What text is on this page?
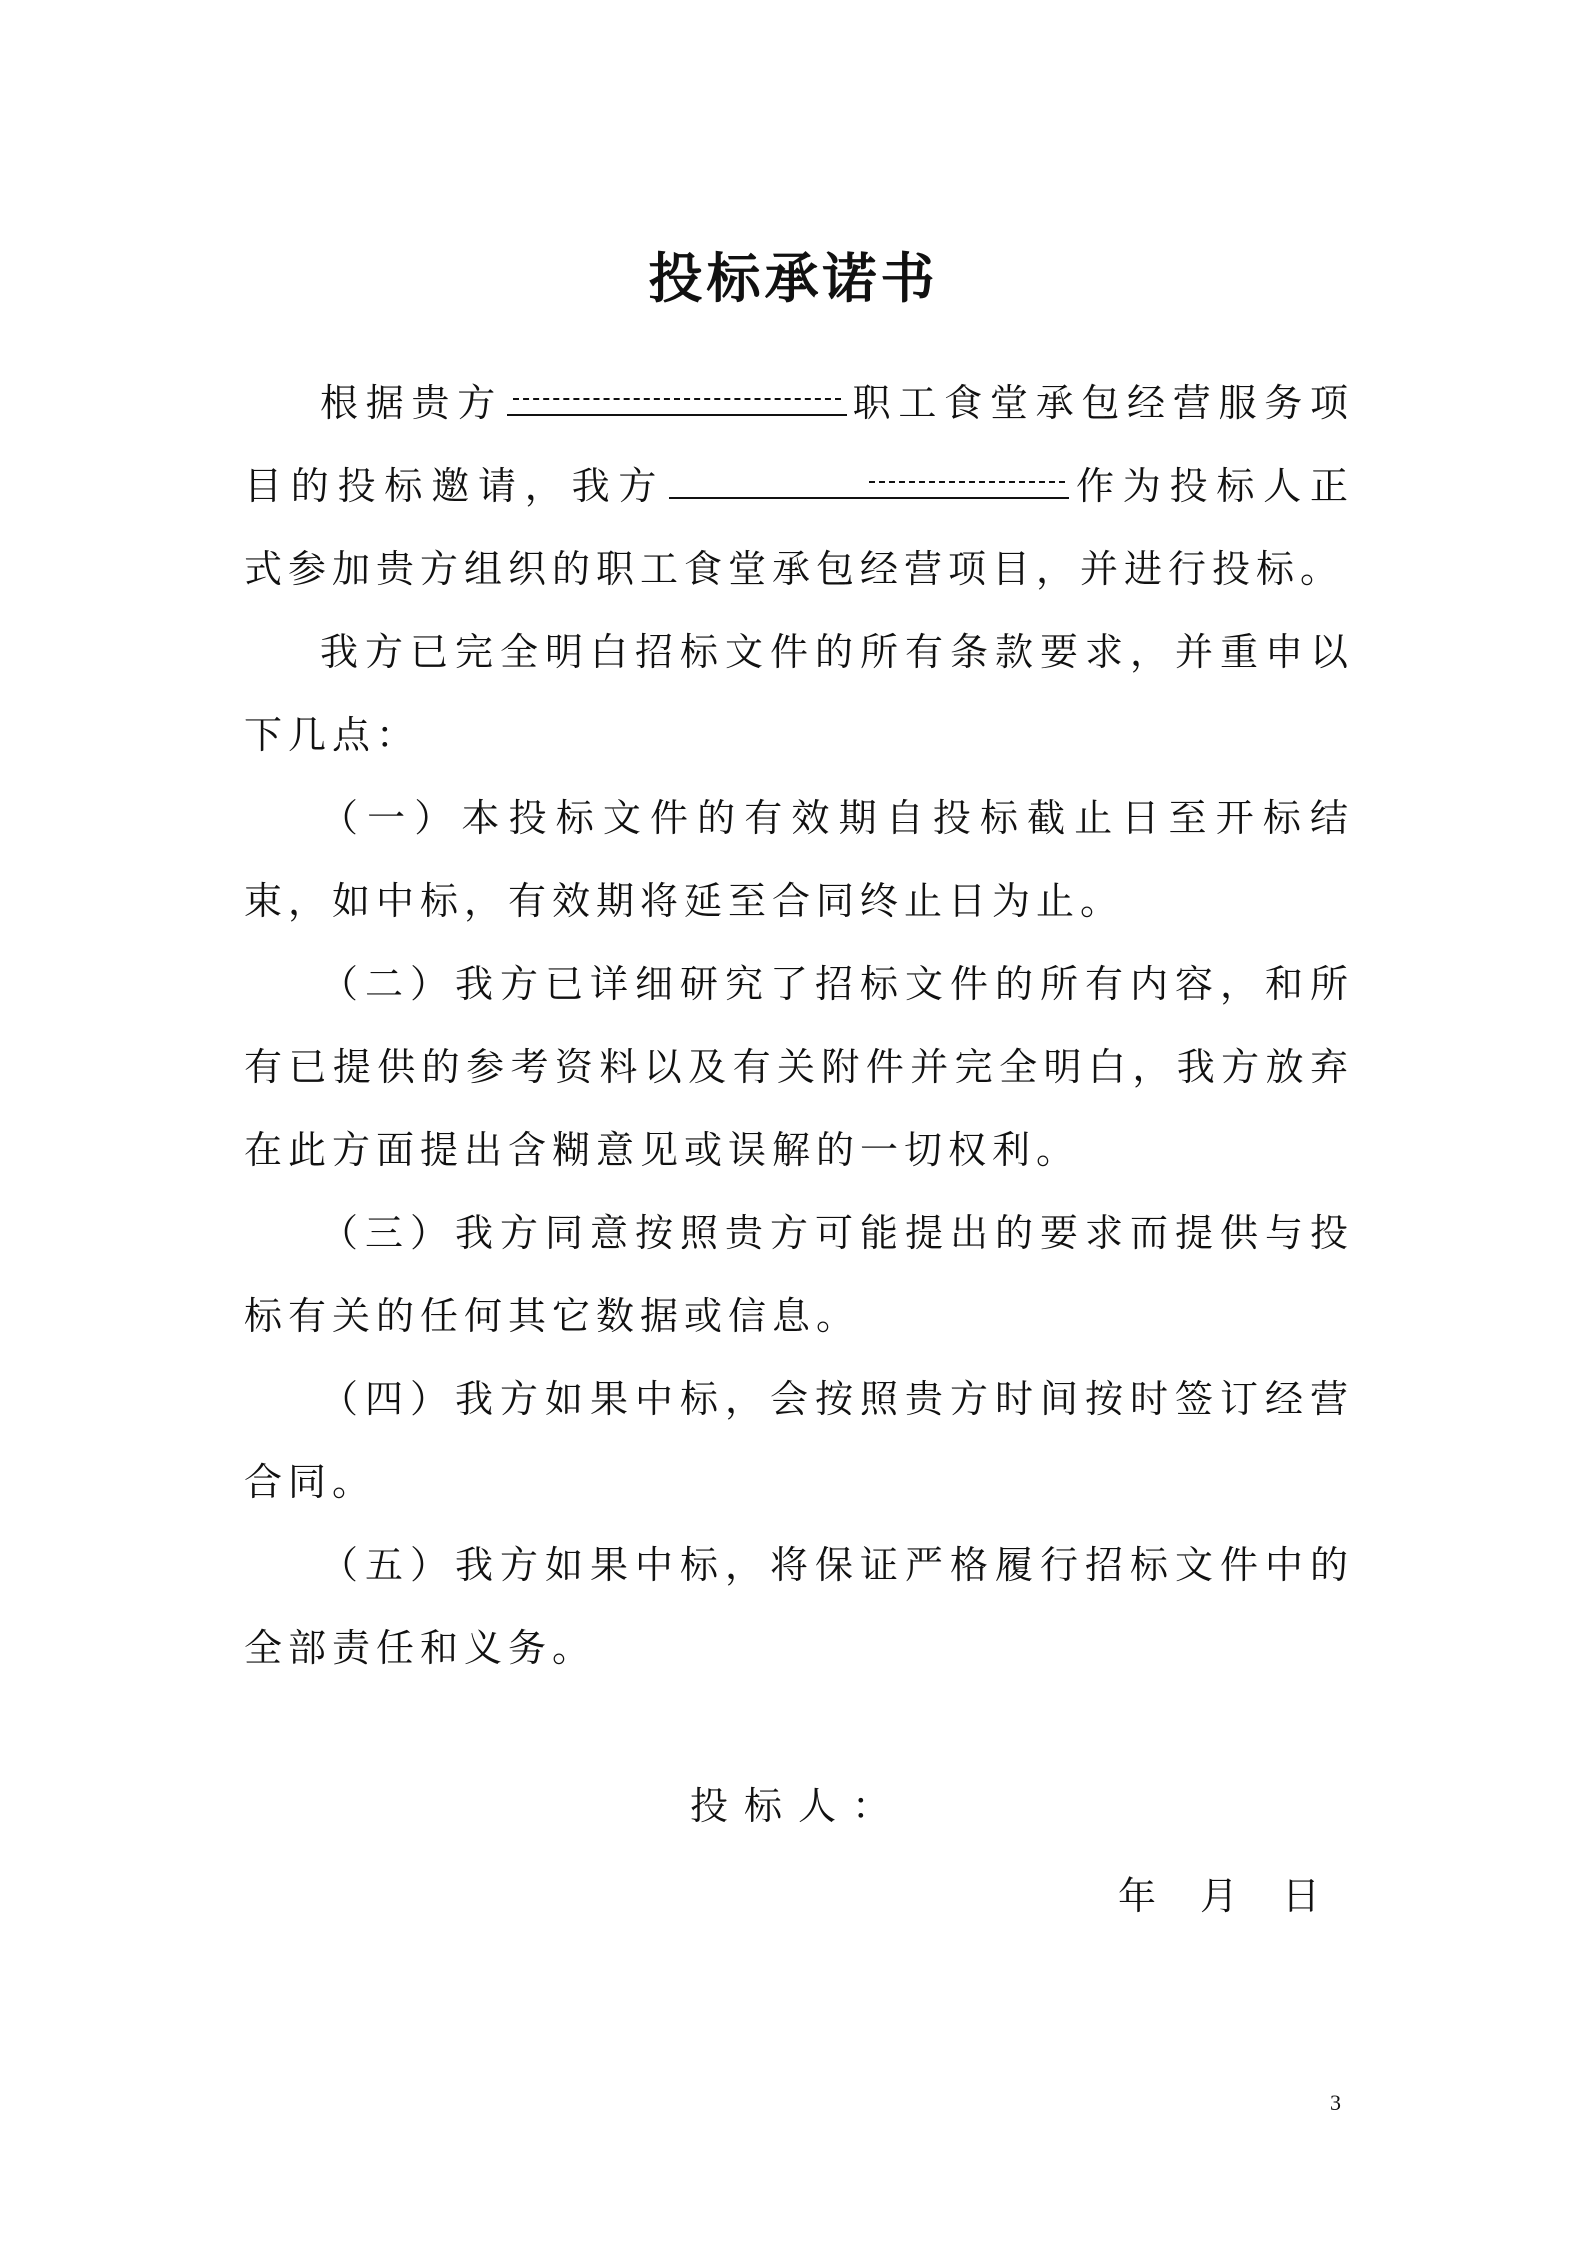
投标承诺书

根据贵方	职工食堂承包经营服务项目的投标邀请，我方	作为投标人正式参加贵方组织的职工食堂承包经营项目，并进行投标。

我方已完全明白招标文件的所有条款要求，并重申以下几点：

（一）本投标文件的有效期自投标截止日至开标结束，如中标，有效期将延至合同终止日为止。

（二）我方已详细研究了招标文件的所有内容，和所有已提供的参考资料以及有关附件并完全明白，我方放弃在此方面提出含糊意见或误解的一切权利。

（三）我方同意按照贵方可能提出的要求而提供与投标有关的任何其它数据或信息。

（四）我方如果中标，会按照贵方时间按时签订经营合同。

（五）我方如果中标，将保证严格履行招标文件中的全部责任和义务。

投标人：
年 月 日
3
